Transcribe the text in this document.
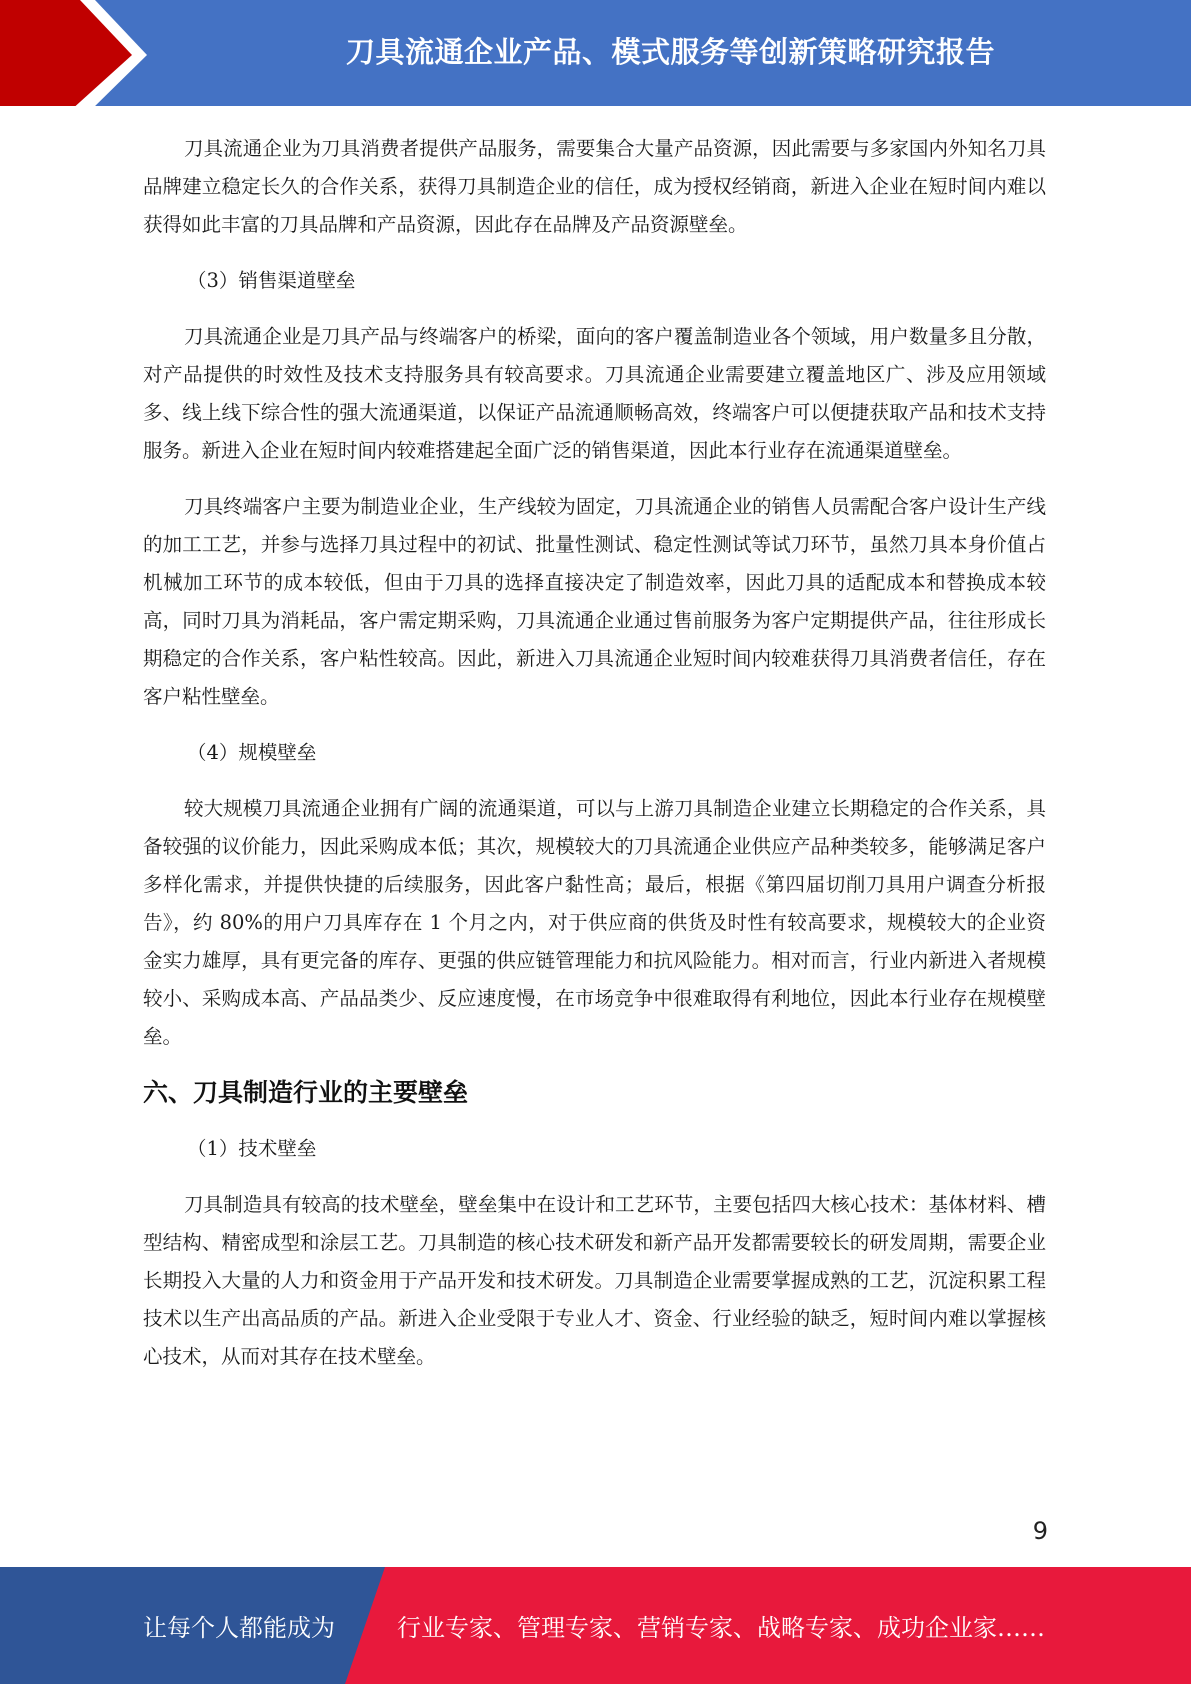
刀具流通企业产品、模式服务等创新策略研究报告

刀具流通企业为刀具消费者提供产品服务，需要集合大量产品资源，因此需要与多家国内外知名刀具品牌建立稳定长久的合作关系，获得刀具制造企业的信任，成为授权经销商，新进入企业在短时间内难以获得如此丰富的刀具品牌和产品资源，因此存在品牌及产品资源壁垒。

（3）销售渠道壁垒

刀具流通企业是刀具产品与终端客户的桥梁，面向的客户覆盖制造业各个领域，用户数量多且分散，对产品提供的时效性及技术支持服务具有较高要求。刀具流通企业需要建立覆盖地区广、涉及应用领域多、线上线下综合性的强大流通渠道，以保证产品流通顺畅高效，终端客户可以便捷获取产品和技术支持服务。新进入企业在短时间内较难搭建起全面广泛的销售渠道，因此本行业存在流通渠道壁垒。

刀具终端客户主要为制造业企业，生产线较为固定，刀具流通企业的销售人员需配合客户设计生产线的加工工艺，并参与选择刀具过程中的初试、批量性测试、稳定性测试等试刀环节，虽然刀具本身价值占机械加工环节的成本较低，但由于刀具的选择直接决定了制造效率，因此刀具的适配成本和替换成本较高，同时刀具为消耗品，客户需定期采购，刀具流通企业通过售前服务为客户定期提供产品，往往形成长期稳定的合作关系，客户粘性较高。因此，新进入刀具流通企业短时间内较难获得刀具消费者信任，存在客户粘性壁垒。

（4）规模壁垒

较大规模刀具流通企业拥有广阔的流通渠道，可以与上游刀具制造企业建立长期稳定的合作关系，具备较强的议价能力，因此采购成本低；其次，规模较大的刀具流通企业供应产品种类较多，能够满足客户多样化需求，并提供快捷的后续服务，因此客户黏性高；最后，根据《第四届切削刀具用户调查分析报告》，约 80%的用户刀具库存在 1 个月之内，对于供应商的供货及时性有较高要求，规模较大的企业资金实力雄厚，具有更完备的库存、更强的供应链管理能力和抗风险能力。相对而言，行业内新进入者规模较小、采购成本高、产品品类少、反应速度慢，在市场竞争中很难取得有利地位，因此本行业存在规模壁垒。

六、刀具制造行业的主要壁垒

（1）技术壁垒

刀具制造具有较高的技术壁垒，壁垒集中在设计和工艺环节，主要包括四大核心技术：基体材料、槽型结构、精密成型和涂层工艺。刀具制造的核心技术研发和新产品开发都需要较长的研发周期，需要企业长期投入大量的人力和资金用于产品开发和技术研发。刀具制造企业需要掌握成熟的工艺，沉淀积累工程技术以生产出高品质的产品。新进入企业受限于专业人才、资金、行业经验的缺乏，短时间内难以掌握核心技术，从而对其存在技术壁垒。

9
让每个人都能成为	行业专家、管理专家、营销专家、战略专家、成功企业家……
